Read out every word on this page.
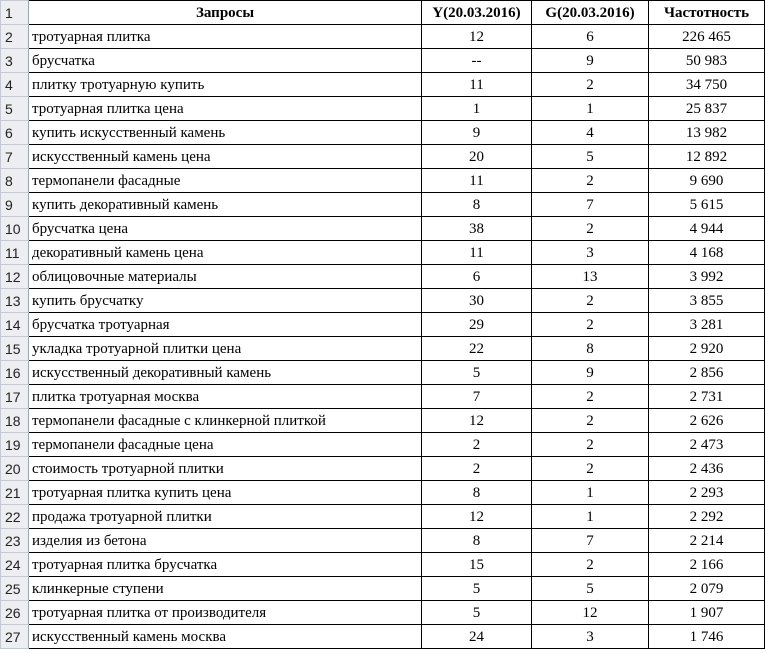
1	Запросы	Y(20.03.2016)	G(20.03.2016)	Частотность
2	тротуарная плитка	12	6	226 465
3	брусчатка	--	9	50 983
4	плитку тротуарную купить	11	2	34 750
5	тротуарная плитка цена	1	1	25 837
6	купить искусственный камень	9	4	13 982
7	искусственный камень цена	20	5	12 892
8	термопанели фасадные	11	2	9 690
9	купить декоративный камень	8	7	5 615
10	брусчатка цена	38	2	4 944
11	декоративный камень цена	11	3	4 168
12	облицовочные материалы	6	13	3 992
13	купить брусчатку	30	2	3 855
14	брусчатка тротуарная	29	2	3 281
15	укладка тротуарной плитки цена	22	8	2 920
16	искусственный декоративный камень	5	9	2 856
17	плитка тротуарная москва	7	2	2 731
18	термопанели фасадные с клинкерной плиткой	12	2	2 626
19	термопанели фасадные цена	2	2	2 473
20	стоимость тротуарной плитки	2	2	2 436
21	тротуарная плитка купить цена	8	1	2 293
22	продажа тротуарной плитки	12	1	2 292
23	изделия из бетона	8	7	2 214
24	тротуарная плитка брусчатка	15	2	2 166
25	клинкерные ступени	5	5	2 079
26	тротуарная плитка от производителя	5	12	1 907
27	искусственный камень москва	24	3	1 746
